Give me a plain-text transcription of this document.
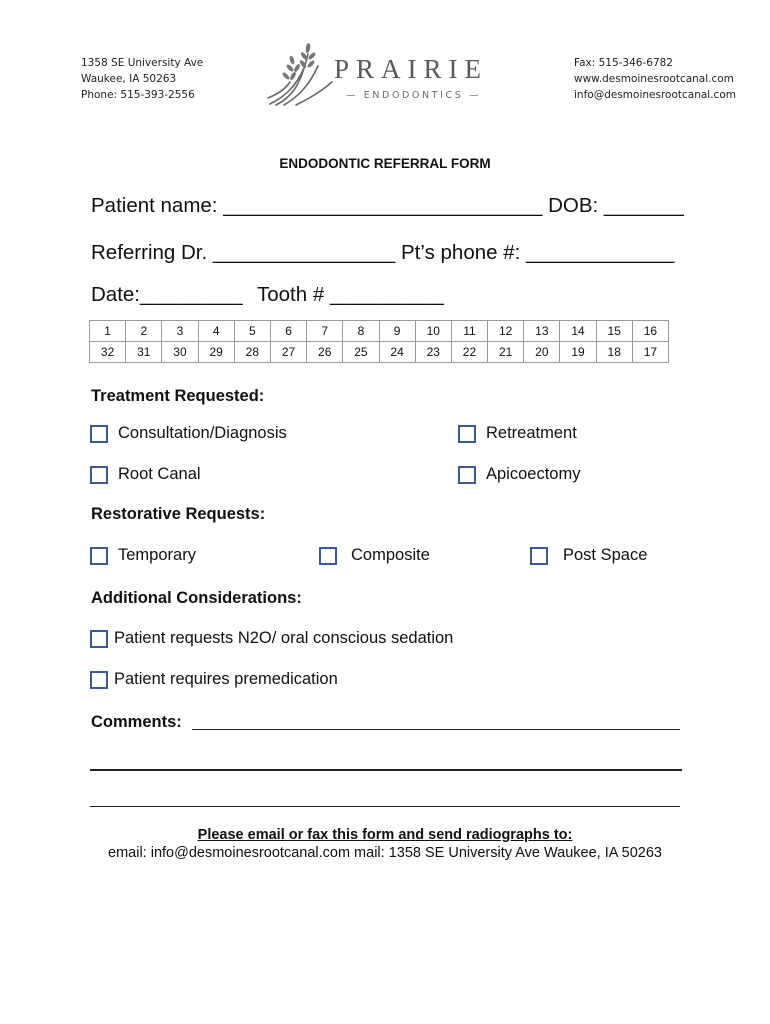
1358 SE University Ave
Waukee, IA 50263
Phone: 515-393-2556
PRAIRIE
— ENDODONTICS —
Fax: 515-346-6782
www.desmoinesrootcanal.com
info@desmoinesrootcanal.com
ENDODONTIC REFERRAL FORM
Patient name: ____________________________ DOB: _______
Referring Dr. ________________ Pt’s phone #: _____________
Date:_________ Tooth # __________
1	2	3	4	5	6	7	8	9	10	11	12	13	14	15	16
32	31	30	29	28	27	26	25	24	23	22	21	20	19	18	17
Treatment Requested:
Consultation/Diagnosis	Retreatment
Root Canal	Apicoectomy
Restorative Requests:
Temporary	Composite	Post Space
Additional Considerations:
Patient requests N2O/ oral conscious sedation
Patient requires premedication
Comments:
Please email or fax this form and send radiographs to:
email: info@desmoinesrootcanal.com mail: 1358 SE University Ave Waukee, IA 50263
